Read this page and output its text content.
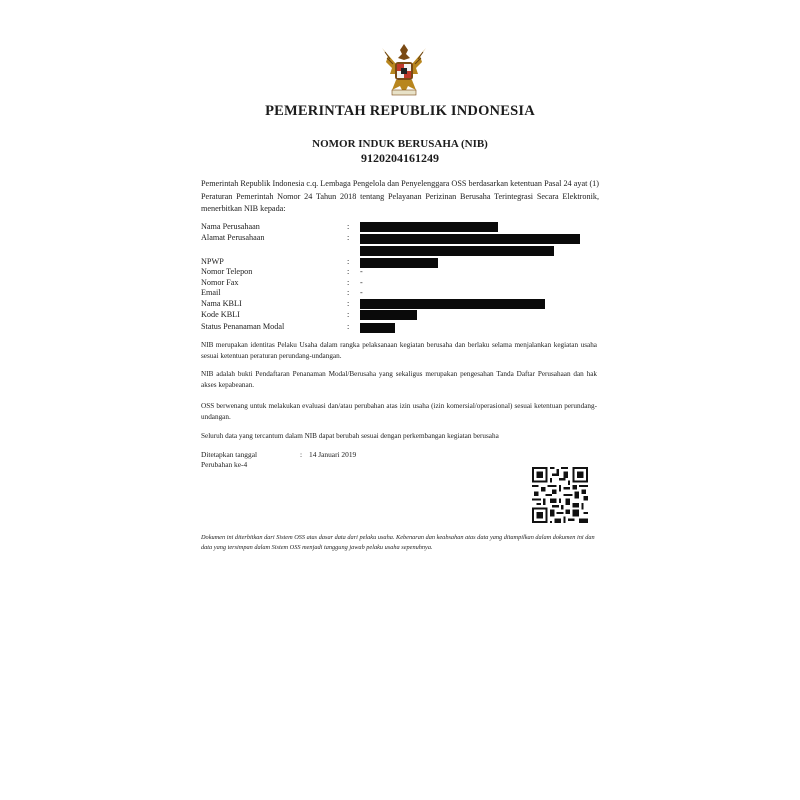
PEMERINTAH REPUBLIK INDONESIA
NOMOR INDUK BERUSAHA (NIB)
9120204161249
Pemerintah Republik Indonesia c.q. Lembaga Pengelola dan Penyelenggara OSS berdasarkan ketentuan Pasal 24 ayat (1) Peraturan Pemerintah Nomor 24 Tahun 2018 tentang Pelayanan Perizinan Berusaha Terintegrasi Secara Elektronik, menerbitkan NIB kepada:
Nama Perusahaan	:
Alamat Perusahaan	:
NPWP	:
Nomor Telepon	: -
Nomor Fax	: -
Email	: -
Nama KBLI	:
Kode KBLI	:
Status Penanaman Modal	:
NIB merupakan identitas Pelaku Usaha dalam rangka pelaksanaan kegiatan berusaha dan berlaku selama menjalankan kegiatan usaha sesuai ketentuan peraturan perundang-undangan.
NIB adalah bukti Pendaftaran Penanaman Modal/Berusaha yang sekaligus merupakan pengesahan Tanda Daftar Perusahaan dan hak akses kepabeanan.
OSS berwenang untuk melakukan evaluasi dan/atau perubahan atas izin usaha (izin komersial/operasional) sesuai ketentuan perundang-undangan.
Seluruh data yang tercantum dalam NIB dapat berubah sesuai dengan perkembangan kegiatan berusaha
Ditetapkan tanggal	: 14 Januari 2019
Perubahan ke-4
Dokumen ini diterbitkan dari Sistem OSS atas dasar data dari pelaku usaha. Kebenaran dan keabsahan atas data yang ditampilkan dalam dokumen ini dan data yang tersimpan dalam Sistem OSS menjadi tanggung jawab pelaku usaha sepenuhnya.
